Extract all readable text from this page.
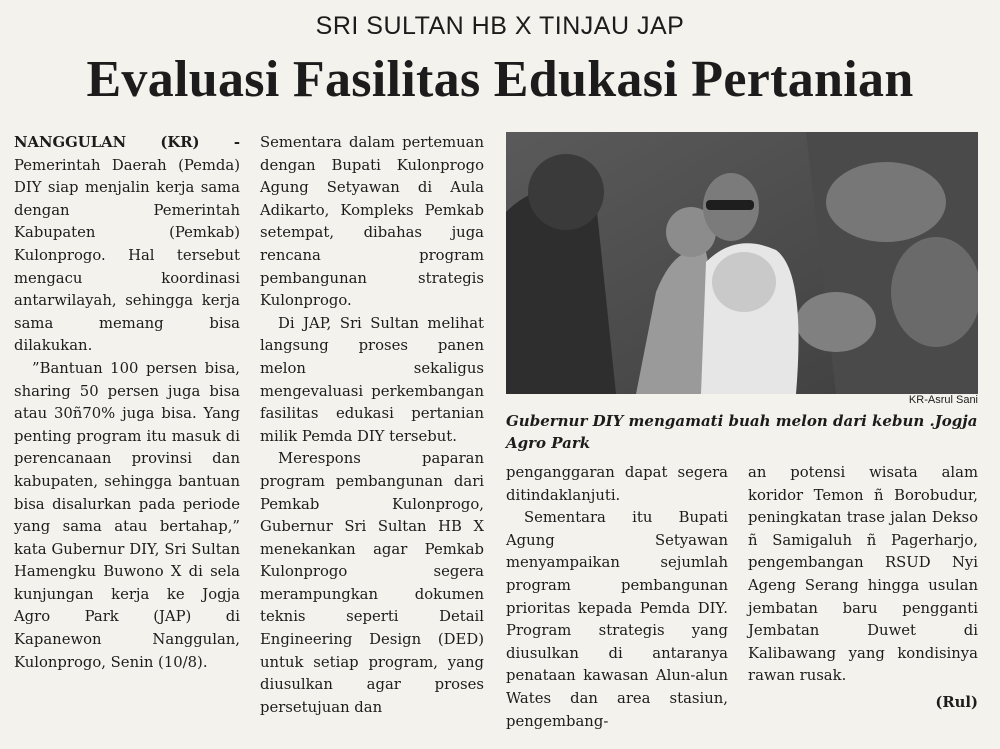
SRI SULTAN HB X TINJAU JAP
Evaluasi Fasilitas Edukasi Pertanian

NANGGULAN (KR) - Pemerintah Daerah (Pemda) DIY siap menjalin kerja sama dengan Pemerintah Kabupaten (Pemkab) Kulonprogo. Hal tersebut mengacu koordinasi antarwilayah, sehingga kerja sama memang bisa dilakukan.

”Bantuan 100 persen bisa, sharing 50 persen juga bisa atau 30ñ70% juga bisa. Yang penting program itu masuk di perencanaan provinsi dan kabupaten, sehingga bantuan bisa disalurkan pada periode yang sama atau bertahap,” kata Gubernur DIY, Sri Sultan Hamengku Buwono X di sela kunjungan kerja ke Jogja Agro Park (JAP) di Kapanewon Nanggulan, Kulonprogo, Senin (10/8).

Sementara dalam pertemuan dengan Bupati Kulonprogo Agung Setyawan di Aula Adikarto, Kompleks Pemkab setempat, dibahas juga rencana program pembangunan strategis Kulonprogo.

Di JAP, Sri Sultan melihat langsung proses panen melon sekaligus mengevaluasi perkembangan fasilitas edukasi pertanian milik Pemda DIY tersebut.

Merespons paparan program pembangunan dari Pemkab Kulonprogo, Gubernur Sri Sultan HB X menekankan agar Pemkab Kulonprogo segera merampungkan dokumen teknis seperti Detail Engineering Design (DED) untuk setiap program, yang diusulkan agar proses persetujuan dan

KR-Asrul Sani
Gubernur DIY mengamati buah melon dari kebun .Jogja Agro Park

penganggaran dapat segera ditindaklanjuti.

Sementara itu Bupati Agung Setyawan menyampaikan sejumlah program pembangunan prioritas kepada Pemda DIY. Program strategis yang diusulkan di antaranya penataan kawasan Alun-alun Wates dan area stasiun, pengembang-

an potensi wisata alam koridor Temon ñ Borobudur, peningkatan trase jalan Dekso ñ Samigaluh ñ Pagerharjo, pengembangan RSUD Nyi Ageng Serang hingga usulan jembatan baru pengganti Jembatan Duwet di Kalibawang yang kondisinya rawan rusak.

(Rul)
